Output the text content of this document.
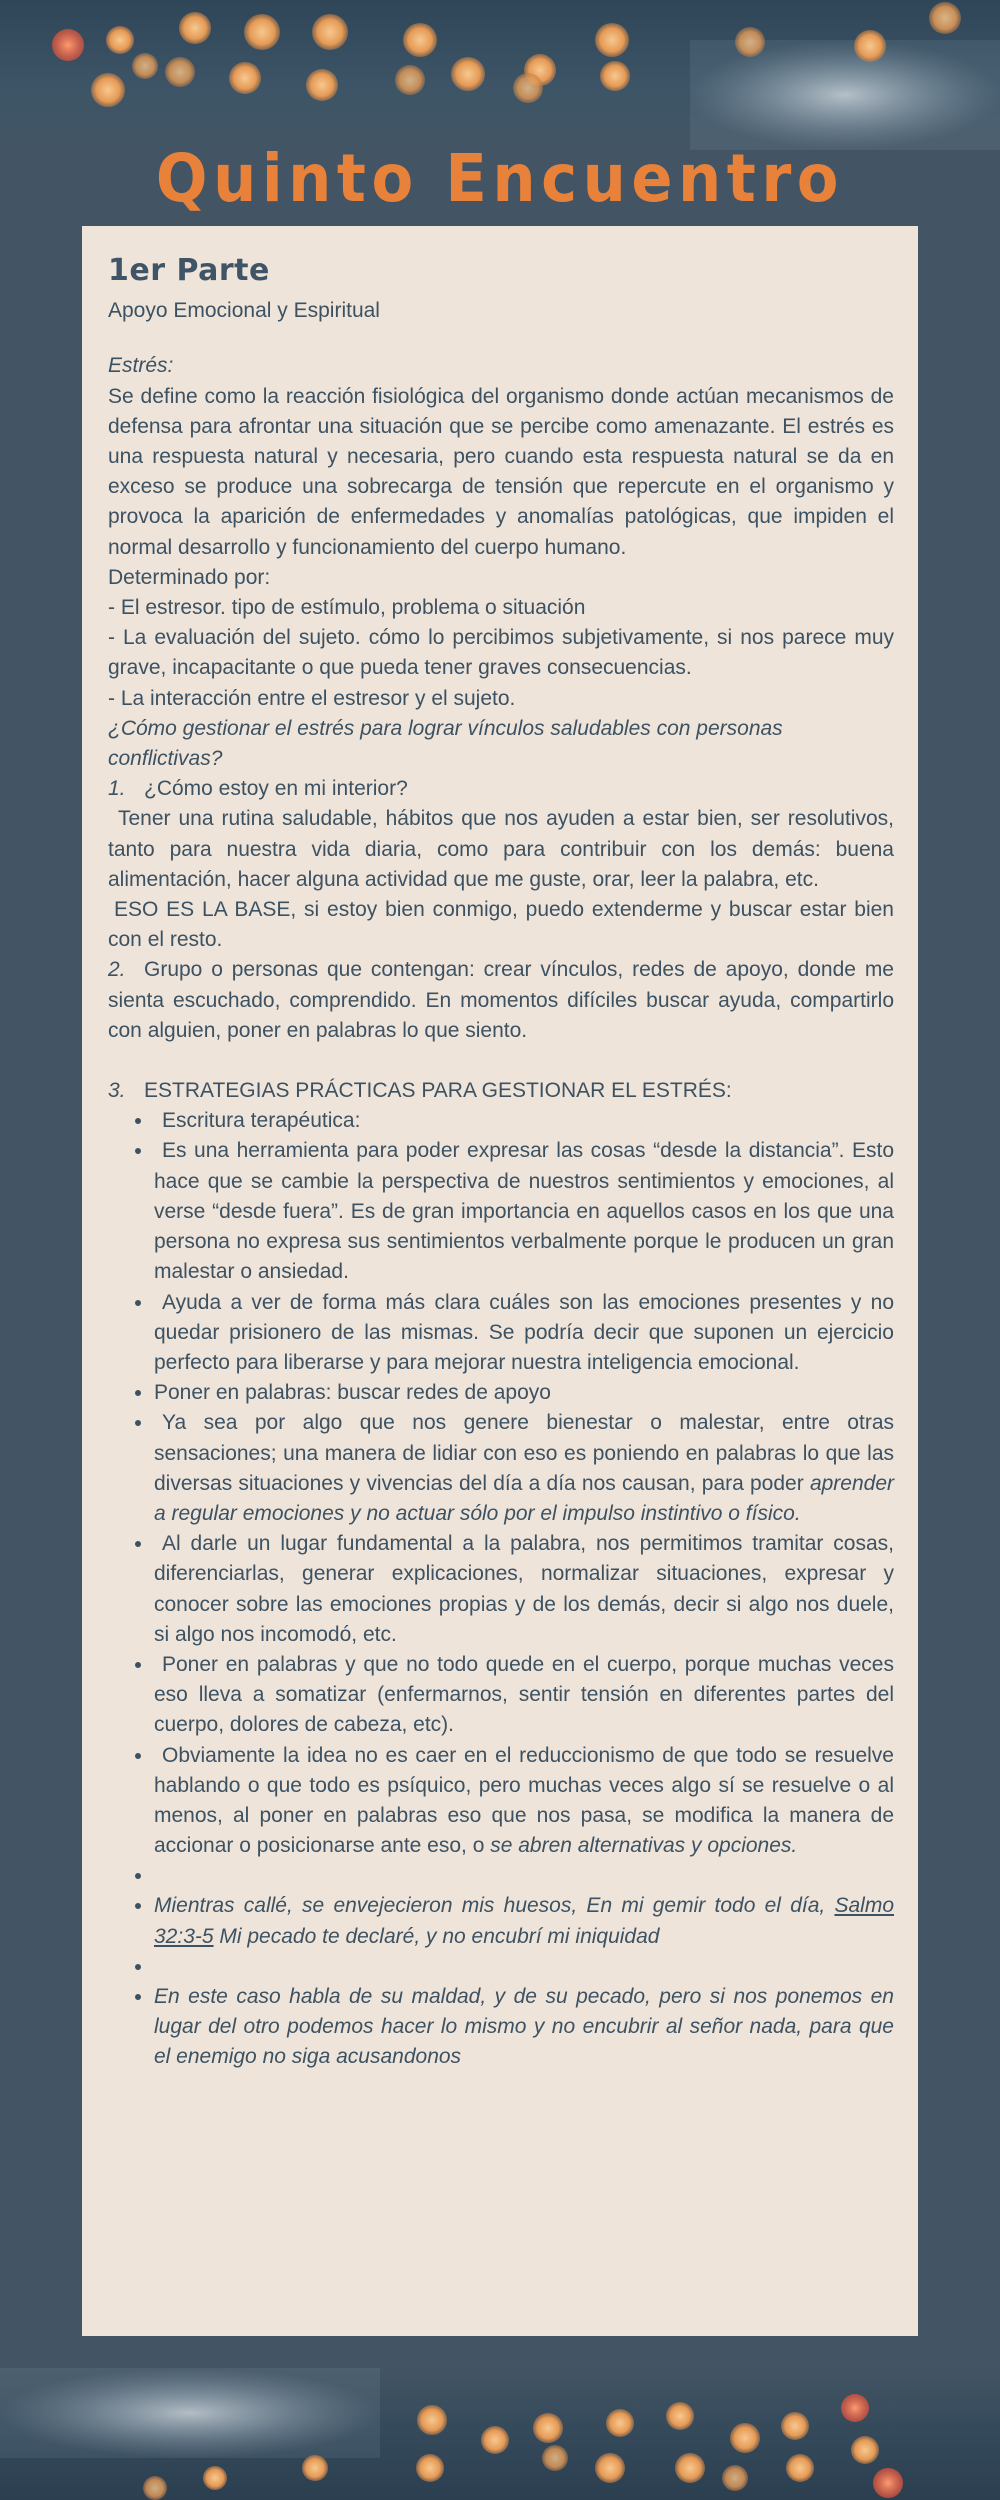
Quinto Encuentro
1er Parte
Apoyo Emocional y Espiritual
Estrés:
Se define como la reacción fisiológica del organismo donde actúan mecanismos de defensa para afrontar una situación que se percibe como amenazante. El estrés es una respuesta natural y necesaria, pero cuando esta respuesta natural se da en exceso se produce una sobrecarga de tensión que repercute en el organismo y provoca la aparición de enfermedades y anomalías patológicas, que impiden el normal desarrollo y funcionamiento del cuerpo humano.
Determinado por:
- El estresor. tipo de estímulo, problema o situación
- La evaluación del sujeto. cómo lo percibimos subjetivamente, si nos parece muy grave, incapacitante o que pueda tener graves consecuencias.
- La interacción entre el estresor y el sujeto.
¿Cómo gestionar el estrés para lograr vínculos saludables con personas conflictivas?
1. ¿Cómo estoy en mi interior?
Tener una rutina saludable, hábitos que nos ayuden a estar bien, ser resolutivos, tanto para nuestra vida diaria, como para contribuir con los demás: buena alimentación, hacer alguna actividad que me guste, orar, leer la palabra, etc.
ESO ES LA BASE, si estoy bien conmigo, puedo extenderme y buscar estar bien con el resto.
2. Grupo o personas que contengan: crear vínculos, redes de apoyo, donde me sienta escuchado, comprendido. En momentos difíciles buscar ayuda, compartirlo con alguien, poner en palabras lo que siento.
3. ESTRATEGIAS PRÁCTICAS PARA GESTIONAR EL ESTRÉS:
• Escritura terapéutica:
• Es una herramienta para poder expresar las cosas “desde la distancia”. Esto hace que se cambie la perspectiva de nuestros sentimientos y emociones, al verse “desde fuera”. Es de gran importancia en aquellos casos en los que una persona no expresa sus sentimientos verbalmente porque le producen un gran malestar o ansiedad.
• Ayuda a ver de forma más clara cuáles son las emociones presentes y no quedar prisionero de las mismas. Se podría decir que suponen un ejercicio perfecto para liberarse y para mejorar nuestra inteligencia emocional.
• Poner en palabras: buscar redes de apoyo
• Ya sea por algo que nos genere bienestar o malestar, entre otras sensaciones; una manera de lidiar con eso es poniendo en palabras lo que las diversas situaciones y vivencias del día a día nos causan, para poder aprender a regular emociones y no actuar sólo por el impulso instintivo o físico.
• Al darle un lugar fundamental a la palabra, nos permitimos tramitar cosas, diferenciarlas, generar explicaciones, normalizar situaciones, expresar y conocer sobre las emociones propias y de los demás, decir si algo nos duele, si algo nos incomodó, etc.
• Poner en palabras y que no todo quede en el cuerpo, porque muchas veces eso lleva a somatizar (enfermarnos, sentir tensión en diferentes partes del cuerpo, dolores de cabeza, etc).
• Obviamente la idea no es caer en el reduccionismo de que todo se resuelve hablando o que todo es psíquico, pero muchas veces algo sí se resuelve o al menos, al poner en palabras eso que nos pasa, se modifica la manera de accionar o posicionarse ante eso, o se abren alternativas y opciones.
•
• Mientras callé, se envejecieron mis huesos, En mi gemir todo el día, Salmo 32:3-5 Mi pecado te declaré, y no encubrí mi iniquidad
•
• En este caso habla de su maldad, y de su pecado, pero si nos ponemos en lugar del otro podemos hacer lo mismo y no encubrir al señor nada, para que el enemigo no siga acusandonos
